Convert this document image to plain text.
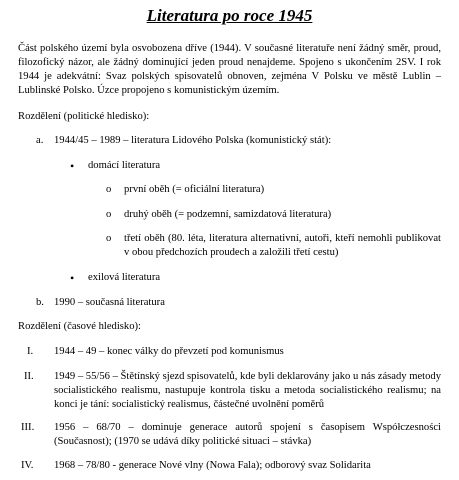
Literatura po roce 1945
Část polského území byla osvobozena dříve (1944). V současné literatuře není žádný směr, proud, filozofický názor, ale žádný dominující jeden proud nenajdeme. Spojeno s ukončením 2SV. I rok 1944 je adekvátní: Svaz polských spisovatelů obnoven, zejména V Polsku ve městě Lublin – Lublinské Polsko. Úzce propojeno s komunistickým územím.
Rozdělení (politické hledisko):
a. 1944/45 – 1989 – literatura Lidového Polska (komunistický stát):
• domácí literatura
o první oběh (= oficiální literatura)
o druhý oběh (= podzemní, samizdatová literatura)
o třetí oběh (80. léta, literatura alternativní, autoři, kteří nemohli publikovat v obou předchozích proudech a založili třetí cestu)
• exilová literatura
b. 1990 – současná literatura
Rozdělení (časové hledisko):
I. 1944 – 49 – konec války do převzetí pod komunismus
II. 1949 – 55/56 – Štětínský sjezd spisovatelů, kde byli deklarovány jako u nás zásady metody socialistického realismu, nastupuje kontrola tisku a metoda socialistického realismu; na konci je tání: socialistický realismus, částečné uvolnění poměrů
III. 1956 – 68/70 – dominuje generace autorů spojení s časopisem Współczesności (Současnost); (1970 se udává díky politické situaci – stávka)
IV. 1968 – 78/80 - generace Nové vlny (Nowa Fala); odborový svaz Solidarita
